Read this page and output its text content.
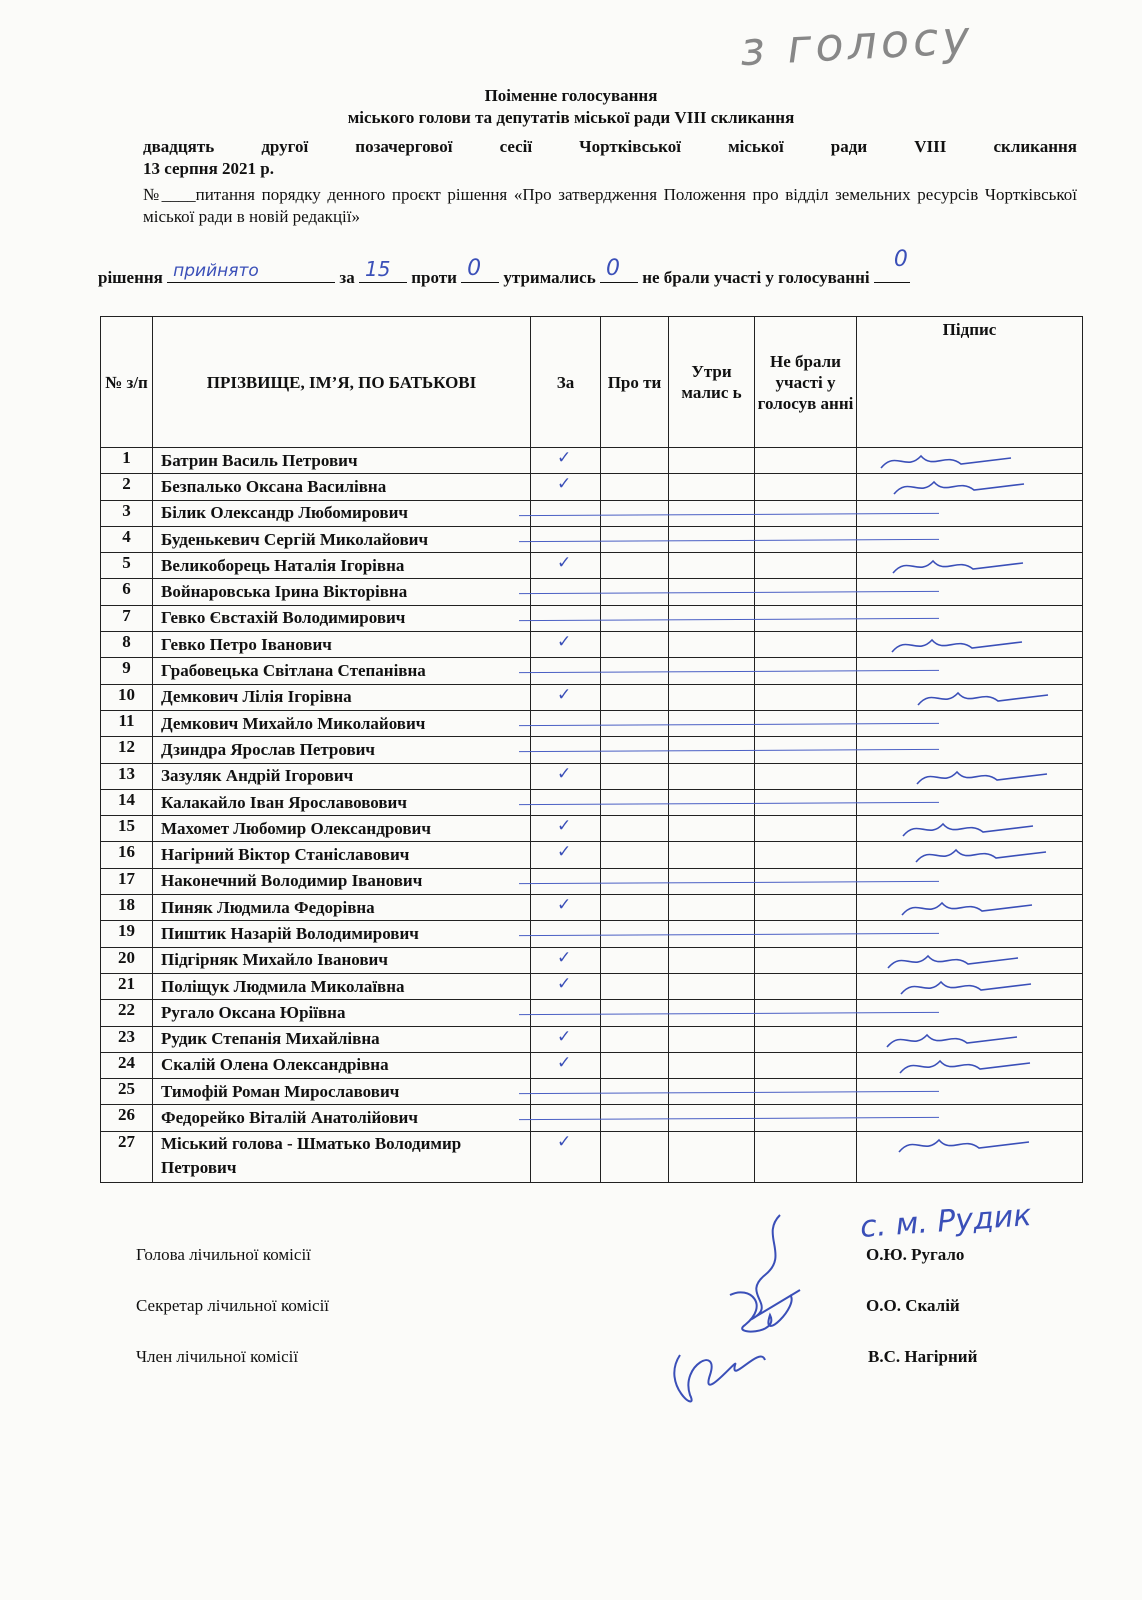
з голосу
Поіменне голосування
міського голови та депутатів міської ради VIII скликання
двадцять другої позачергової сесії Чортківської міської ради VIII скликання
13 серпня 2021 р.
№____питання порядку денного проєкт рішення «Про затвердження Положення про відділ земельних ресурсів Чортківської міської ради в новій редакції»
рішення прийнято	за 15 проти 0 утримались 0 не брали участі у голосуванні
0
№ з/п	ПРІЗВИЩЕ, ІМ’Я, ПО БАТЬКОВІ	За	Про ти	Утри малис ь	Не брали участі у голосув анні	Підпис
1	Батрин Василь Петрович	✓

2	Безпалько Оксана Василівна	✓

3	Білик Олександр Любомирович	

4	Буденькевич Сергій Миколайович	

5	Великоборець Наталія Ігорівна	✓

6	Войнаровська Ірина Вікторівна	

7	Гевко Євстахій Володимирович	

8	Гевко Петро Іванович	✓

9	Грабовецька Світлана Степанівна	

10	Демкович Лілія Ігорівна	✓

11	Демкович Михайло Миколайович	

12	Дзиндра Ярослав Петрович	

13	Зазуляк Андрій Ігорович	✓

14	Калакайло Іван Ярославовович	

15	Махомет Любомир Олександрович	✓

16	Нагірний Віктор Станіславович	✓

17	Наконечний Володимир Іванович	

18	Пиняк Людмила Федорівна	✓

19	Пиштик Назарій Володимирович	

20	Підгірняк Михайло Іванович	✓

21	Поліщук Людмила Миколаївна	✓

22	Ругало Оксана Юріївна	

23	Рудик Степанія Михайлівна	✓

24	Скалій Олена Олександрівна	✓

25	Тимофій Роман Мирославович	

26	Федорейко Віталій Анатолійович	

27	Міський голова - Шматько Володимир Петрович	✓

с. м. Рудик
Голова лічильної комісії	О.Ю. Ругало
Секретар лічильної комісії	О.О. Скалій
Член лічильної комісії	В.С. Нагірний
